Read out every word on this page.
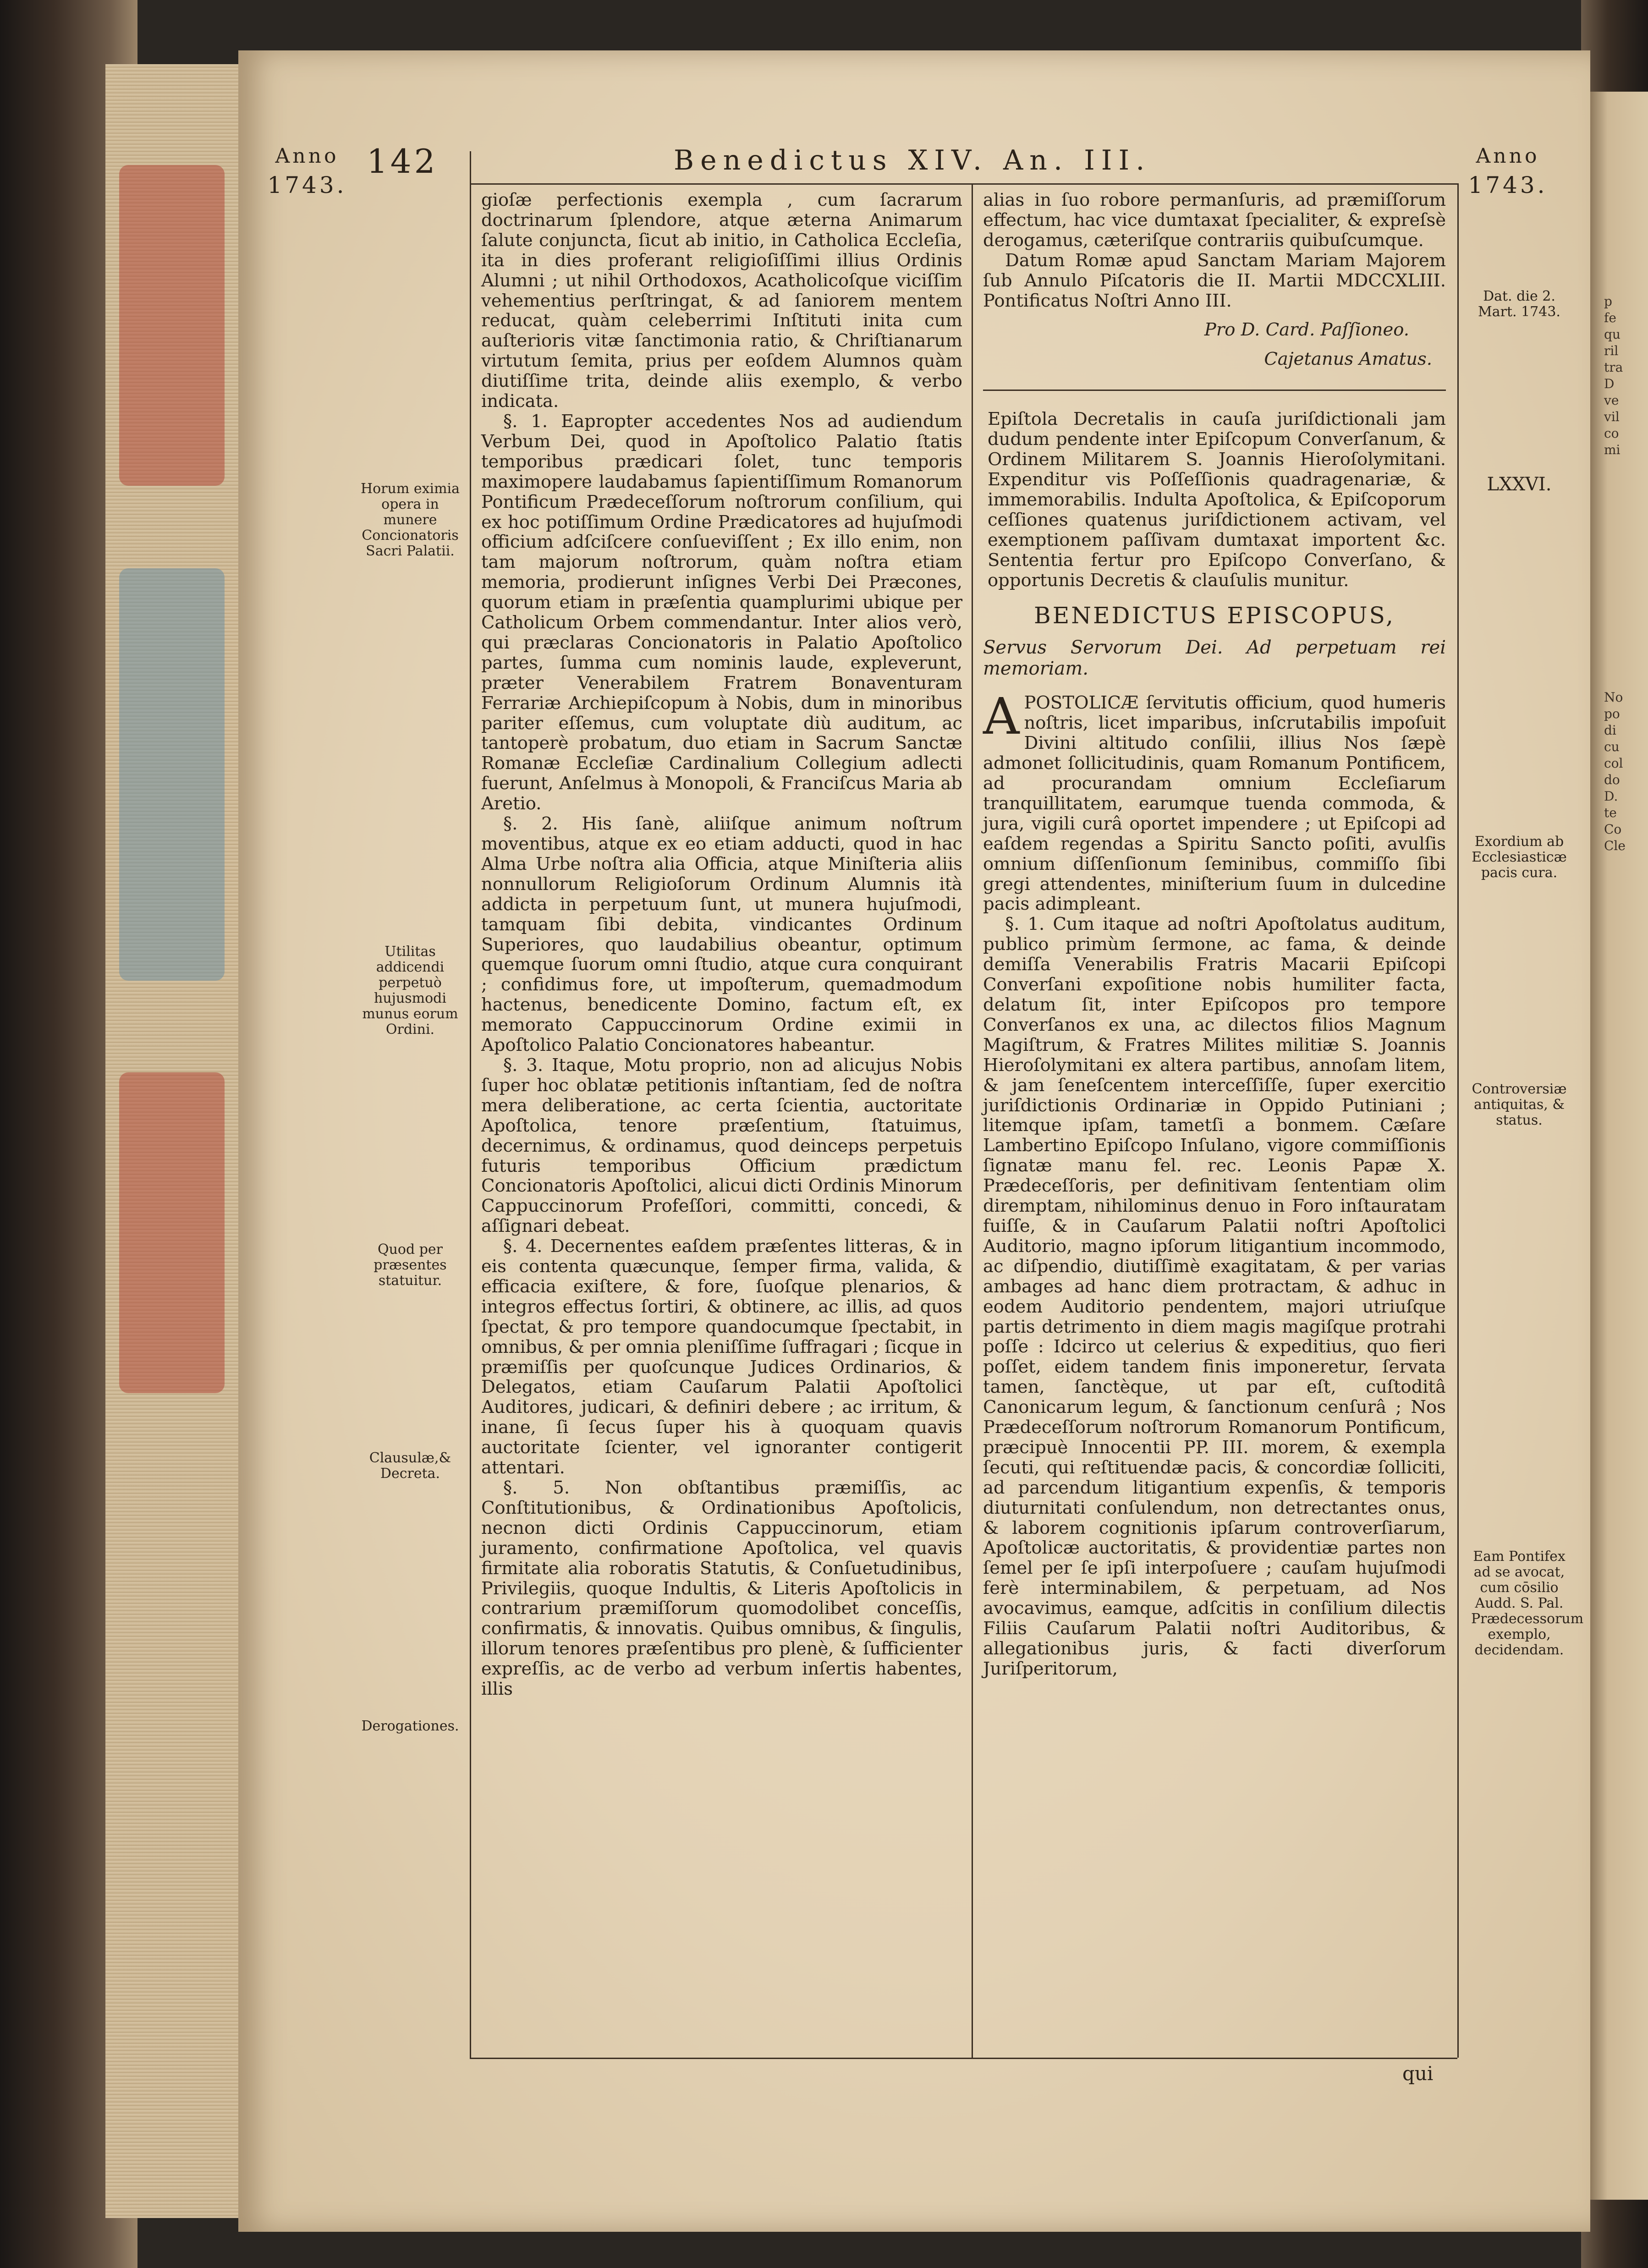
p
fe
qu
ril
tra
D
ve
vil
co
mi

No
po
di
cu
col
do
D.
te
Co
Cle
Anno
1743.
142	Benedictus XIV. An. III.	Anno
1743.
Horum eximia opera in munere Concionatoris Sacri Palatii.
Utilitas addicendi perpetuò hujusmodi munus eorum Ordini.
Quod per præsentes statuitur.
Clausulæ,& Decreta.
Derogationes.
Dat. die 2. Mart. 1743.
LXXVI.
Exordium ab Ecclesiasticæ pacis cura.
Controversiæ antiquitas, & status.
Eam Pontifex ad se avocat, cum cōsilio Audd. S. Pal. Prædecessorum exemplo, decidendam.

gioſæ perfectionis exempla , cum ſacrarum doctrinarum ſplendore, atque æterna Animarum ſalute conjuncta, ſicut ab initio, in Catholica Eccleſia, ita in dies proferant religioſiſſimi illius Ordinis Alumni ; ut nihil Orthodoxos, Acatholicoſque viciſſim vehementius perſtringat, & ad ſaniorem mentem reducat, quàm celeberrimi Inſtituti inita cum auſterioris vitæ ſanctimonia ratio, & Chriſtianarum virtutum ſemita, prius per eoſdem Alumnos quàm diutiſſime trita, deinde aliis exemplo, & verbo indicata.

§. 1. Eapropter accedentes Nos ad audiendum Verbum Dei, quod in Apoſtolico Palatio ſtatis temporibus prædicari ſolet, tunc temporis maximopere laudabamus ſapientiſſimum Romanorum Pontificum Prædeceſſorum noſtrorum conſilium, qui ex hoc potiſſimum Ordine Prædicatores ad hujuſmodi officium adſciſcere conſueviſſent ; Ex illo enim, non tam majorum noſtrorum, quàm noſtra etiam memoria, prodierunt inſignes Verbi Dei Præcones, quorum etiam in præſentia quamplurimi ubique per Catholicum Orbem commendantur. Inter alios verò, qui præclaras Concionatoris in Palatio Apoſtolico partes, ſumma cum nominis laude, expleverunt, præter Venerabilem Fratrem Bonaventuram Ferrariæ Archiepiſcopum à Nobis, dum in minoribus pariter eſſemus, cum voluptate diù auditum, ac tantoperè probatum, duo etiam in Sacrum Sanctæ Romanæ Eccleſiæ Cardinalium Collegium adlecti fuerunt, Anſelmus à Monopoli, & Franciſcus Maria ab Aretio.

§. 2. His ſanè, aliiſque animum noſtrum moventibus, atque ex eo etiam adducti, quod in hac Alma Urbe noſtra alia Officia, atque Miniſteria aliis nonnullorum Religioſorum Ordinum Alumnis ità addicta in perpetuum ſunt, ut munera hujuſmodi, tamquam ſibi debita, vindicantes Ordinum Superiores, quo laudabilius obeantur, optimum quemque ſuorum omni ſtudio, atque cura conquirant ; confidimus fore, ut impoſterum, quemadmodum hactenus, benedicente Domino, factum eſt, ex memorato Cappuccinorum Ordine eximii in Apoſtolico Palatio Concionatores habeantur.

§. 3. Itaque, Motu proprio, non ad alicujus Nobis ſuper hoc oblatæ petitionis inſtantiam, ſed de noſtra mera deliberatione, ac certa ſcientia, auctoritate Apoſtolica, tenore præſentium, ſtatuimus, decernimus, & ordinamus, quod deinceps perpetuis futuris temporibus Officium prædictum Concionatoris Apoſtolici, alicui dicti Ordinis Minorum Cappuccinorum Profeſſori, committi, concedi, & aſſignari debeat.

§. 4. Decernentes eaſdem præſentes litteras, & in eis contenta quæcunque, ſemper firma, valida, & efficacia exiſtere, & fore, ſuoſque plenarios, & integros effectus ſortiri, & obtinere, ac illis, ad quos ſpectat, & pro tempore quandocumque ſpectabit, in omnibus, & per omnia pleniſſime ſuffragari ; ſicque in præmiſſis per quoſcunque Judices Ordinarios, & Delegatos, etiam Cauſarum Palatii Apoſtolici Auditores, judicari, & definiri debere ; ac irritum, & inane, ſi ſecus ſuper his à quoquam quavis auctoritate ſcienter, vel ignoranter contigerit attentari.

§. 5. Non obſtantibus præmiſſis, ac Conſtitutionibus, & Ordinationibus Apoſtolicis, necnon dicti Ordinis Cappuccinorum, etiam juramento, confirmatione Apoſtolica, vel quavis firmitate alia roboratis Statutis, & Conſuetudinibus, Privilegiis, quoque Indultis, & Literis Apoſtolicis in contrarium præmiſſorum quomodolibet conceſſis, confirmatis, & innovatis. Quibus omnibus, & ſingulis, illorum tenores præſentibus pro plenè, & ſufficienter expreſſis, ac de verbo ad verbum inſertis habentes, illis

alias in ſuo robore permanſuris, ad præmiſſorum effectum, hac vice dumtaxat ſpecialiter, & expreſsè derogamus, cæteriſque contrariis quibuſcumque.

Datum Romæ apud Sanctam Mariam Majorem ſub Annulo Piſcatoris die II. Martii MDCCXLIII. Pontificatus Noſtri Anno III.

Pro D. Card. Paſſioneo.

Cajetanus Amatus.

Epiſtola Decretalis in cauſa juriſdictionali jam dudum pendente inter Epiſcopum Converſanum, & Ordinem Militarem S. Joannis Hieroſolymitani. Expenditur vis Poſſeſſionis quadragenariæ, & immemorabilis. Indulta Apoſtolica, & Epiſcoporum ceſſiones quatenus juriſdictionem activam, vel exemptionem paſſivam dumtaxat importent &c. Sententia fertur pro Epiſcopo Converſano, & opportunis Decretis & clauſulis munitur.

BENEDICTUS EPISCOPUS,

Servus Servorum Dei. Ad perpetuam rei memoriam.

APOSTOLICÆ ſervitutis officium, quod humeris noſtris, licet imparibus, inſcrutabilis impoſuit Divini altitudo conſilii, illius Nos ſæpè admonet ſollicitudinis, quam Romanum Pontificem, ad procurandam omnium Eccleſiarum tranquillitatem, earumque tuenda commoda, & jura, vigili curâ oportet impendere ; ut Epiſcopi ad eaſdem regendas a Spiritu Sancto poſiti, avulſis omnium diſſenſionum ſeminibus, commiſſo ſibi gregi attendentes, miniſterium ſuum in dulcedine pacis adimpleant.

§. 1. Cum itaque ad noſtri Apoſtolatus auditum, publico primùm ſermone, ac fama, & deinde demiſſa Venerabilis Fratris Macarii Epiſcopi Converſani expoſitione nobis humiliter facta, delatum ſit, inter Epiſcopos pro tempore Converſanos ex una, ac dilectos filios Magnum Magiſtrum, & Fratres Milites militiæ S. Joannis Hieroſolymitani ex altera partibus, annoſam litem, & jam ſeneſcentem interceſſiſſe, ſuper exercitio juriſdictionis Ordinariæ in Oppido Putiniani ; litemque ipſam, tametſi a bonmem. Cæſare Lambertino Epiſcopo Inſulano, vigore commiſſionis ſignatæ manu fel. rec. Leonis Papæ X. Prædeceſſoris, per definitivam ſententiam olim diremptam, nihilominus denuo in Foro inſtauratam fuiſſe, & in Cauſarum Palatii noſtri Apoſtolici Auditorio, magno ipſorum litigantium incommodo, ac diſpendio, diutiſſimè exagitatam, & per varias ambages ad hanc diem protractam, & adhuc in eodem Auditorio pendentem, majori utriuſque partis detrimento in diem magis magiſque protrahi poſſe : Idcirco ut celerius & expeditius, quo fieri poſſet, eidem tandem finis imponeretur, ſervata tamen, ſanctèque, ut par eſt, cuſtoditâ Canonicarum legum, & ſanctionum cenſurâ ; Nos Prædeceſſorum noſtrorum Romanorum Pontificum, præcipuè Innocentii PP. III. morem, & exempla ſecuti, qui reſtituendæ pacis, & concordiæ ſolliciti, ad parcendum litigantium expenſis, & temporis diuturnitati conſulendum, non detrectantes onus, & laborem cognitionis ipſarum controverſiarum, Apoſtolicæ auctoritatis, & providentiæ partes non ſemel per ſe ipſi interpoſuere ; cauſam hujuſmodi ferè interminabilem, & perpetuam, ad Nos avocavimus, eamque, adſcitis in conſilium dilectis Filiis Cauſarum Palatii noſtri Auditoribus, & allegationibus juris, & facti diverſorum Juriſperitorum,

qui
